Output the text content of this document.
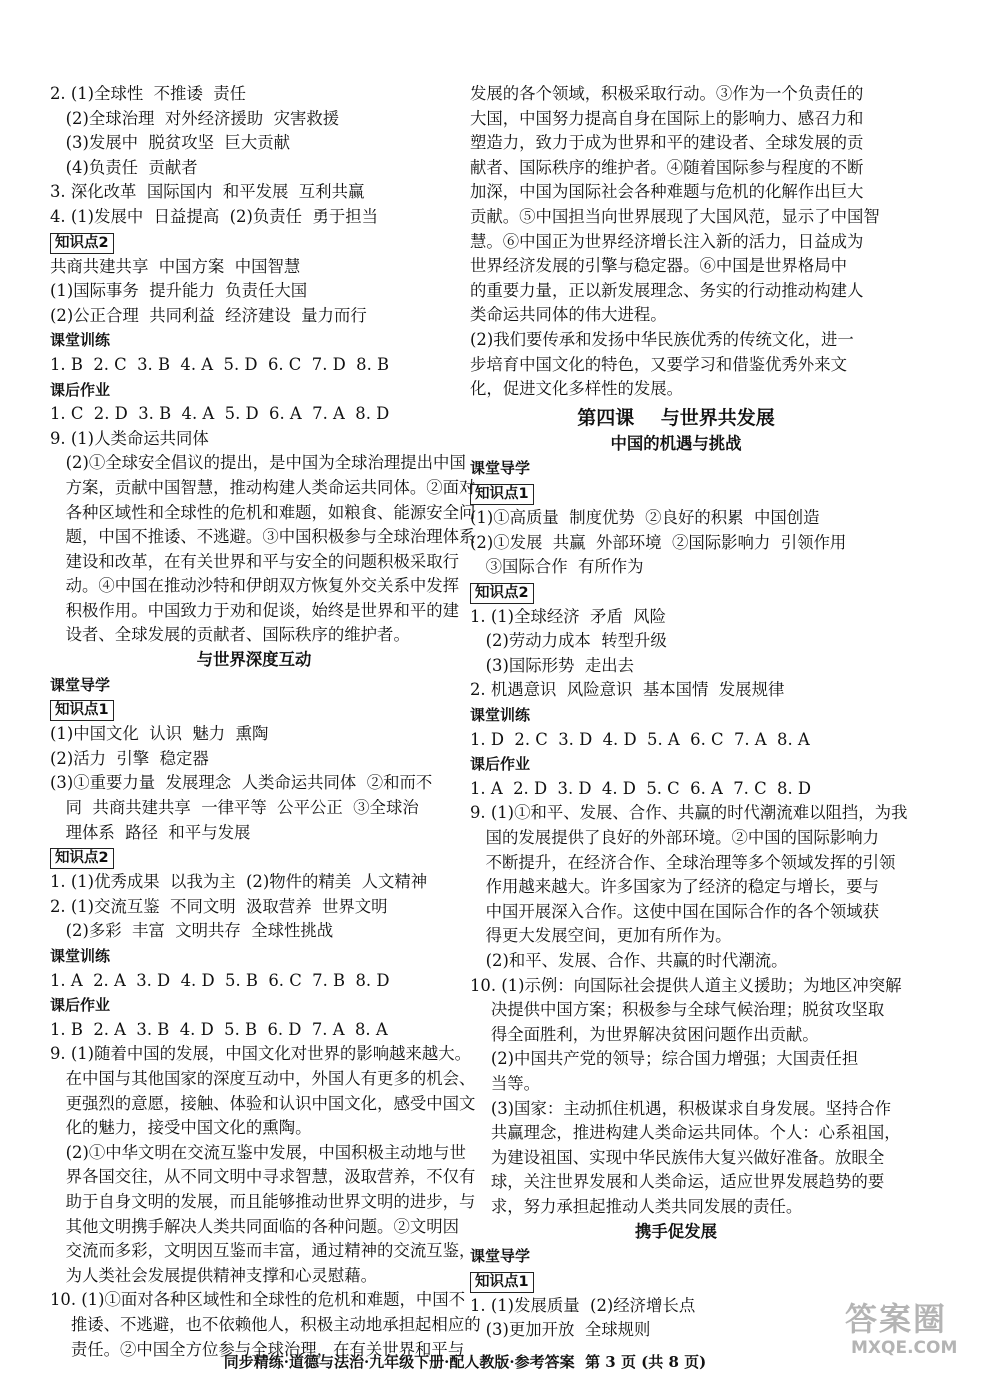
2. (1)全球性  不推诿  责任
(2)全球治理  对外经济援助  灾害救援
(3)发展中  脱贫攻坚  巨大贡献
(4)负责任  贡献者
3. 深化改革  国际国内  和平发展  互利共赢
4. (1)发展中  日益提高  (2)负责任  勇于担当
知识点2
共商共建共享  中国方案  中国智慧
(1)国际事务  提升能力  负责任大国
(2)公正合理  共同利益  经济建设  量力而行
课堂训练
1. B  2. C  3. B  4. A  5. D  6. C  7. D  8. B
课后作业
1. C  2. D  3. B  4. A  5. D  6. A  7. A  8. D
9. (1)人类命运共同体
(2)①全球安全倡议的提出，是中国为全球治理提出中国
方案，贡献中国智慧，推动构建人类命运共同体。②面对
各种区域性和全球性的危机和难题，如粮食、能源安全问
题，中国不推诿、不逃避。③中国积极参与全球治理体系
建设和改革，在有关世界和平与安全的问题积极采取行
动。④中国在推动沙特和伊朗双方恢复外交关系中发挥
积极作用。中国致力于劝和促谈，始终是世界和平的建
设者、全球发展的贡献者、国际秩序的维护者。
与世界深度互动
课堂导学
知识点1
(1)中国文化  认识  魅力  熏陶
(2)活力  引擎  稳定器
(3)①重要力量  发展理念  人类命运共同体  ②和而不
同  共商共建共享  一律平等  公平公正  ③全球治
理体系  路径  和平与发展
知识点2
1. (1)优秀成果  以我为主  (2)物件的精美  人文精神
2. (1)交流互鉴  不同文明  汲取营养  世界文明
(2)多彩  丰富  文明共存  全球性挑战
课堂训练
1. A  2. A  3. D  4. D  5. B  6. C  7. B  8. D
课后作业
1. B  2. A  3. B  4. D  5. B  6. D  7. A  8. A
9. (1)随着中国的发展，中国文化对世界的影响越来越大。
在中国与其他国家的深度互动中，外国人有更多的机会、
更强烈的意愿，接触、体验和认识中国文化，感受中国文
化的魅力，接受中国文化的熏陶。
(2)①中华文明在交流互鉴中发展，中国积极主动地与世
界各国交往，从不同文明中寻求智慧，汲取营养，不仅有
助于自身文明的发展，而且能够推动世界文明的进步，与
其他文明携手解决人类共同面临的各种问题。②文明因
交流而多彩，文明因互鉴而丰富，通过精神的交流互鉴，
为人类社会发展提供精神支撑和心灵慰藉。
10. (1)①面对各种区域性和全球性的危机和难题，中国不
推诿、不逃避，也不依赖他人，积极主动地承担起相应的
责任。②中国全方位参与全球治理，在有关世界和平与
发展的各个领域，积极采取行动。③作为一个负责任的
大国，中国努力提高自身在国际上的影响力、感召力和
塑造力，致力于成为世界和平的建设者、全球发展的贡
献者、国际秩序的维护者。④随着国际参与程度的不断
加深，中国为国际社会各种难题与危机的化解作出巨大
贡献。⑤中国担当向世界展现了大国风范，显示了中国智
慧。⑥中国正为世界经济增长注入新的活力，日益成为
世界经济发展的引擎与稳定器。⑥中国是世界格局中
的重要力量，正以新发展理念、务实的行动推动构建人
类命运共同体的伟大进程。
(2)我们要传承和发扬中华民族优秀的传统文化，进一
步培育中国文化的特色，又要学习和借鉴优秀外来文
化，促进文化多样性的发展。
第四课    与世界共发展
中国的机遇与挑战
课堂导学
知识点1
(1)①高质量  制度优势  ②良好的积累  中国创造
(2)①发展  共赢  外部环境  ②国际影响力  引领作用
③国际合作  有所作为
知识点2
1. (1)全球经济  矛盾  风险
(2)劳动力成本  转型升级
(3)国际形势  走出去
2. 机遇意识  风险意识  基本国情  发展规律
课堂训练
1. D  2. C  3. D  4. D  5. A  6. C  7. A  8. A
课后作业
1. A  2. D  3. D  4. D  5. C  6. A  7. C  8. D
9. (1)①和平、发展、合作、共赢的时代潮流难以阻挡，为我
国的发展提供了良好的外部环境。②中国的国际影响力
不断提升，在经济合作、全球治理等多个领域发挥的引领
作用越来越大。许多国家为了经济的稳定与增长，要与
中国开展深入合作。这使中国在国际合作的各个领域获
得更大发展空间，更加有所作为。
(2)和平、发展、合作、共赢的时代潮流。
10. (1)示例：向国际社会提供人道主义援助；为地区冲突解
决提供中国方案；积极参与全球气候治理；脱贫攻坚取
得全面胜利，为世界解决贫困问题作出贡献。
(2)中国共产党的领导；综合国力增强；大国责任担
当等。
(3)国家：主动抓住机遇，积极谋求自身发展。坚持合作
共赢理念，推进构建人类命运共同体。个人：心系祖国，
为建设祖国、实现中华民族伟大复兴做好准备。放眼全
球，关注世界发展和人类命运，适应世界发展趋势的要
求，努力承担起推动人类共同发展的责任。
携手促发展
课堂导学
知识点1
1. (1)发展质量  (2)经济增长点
(3)更加开放  全球规则
同步精练·道德与法治·九年级下册·配人教版·参考答案  第 3 页 (共 8 页)
答案圈
MXQE.COM
